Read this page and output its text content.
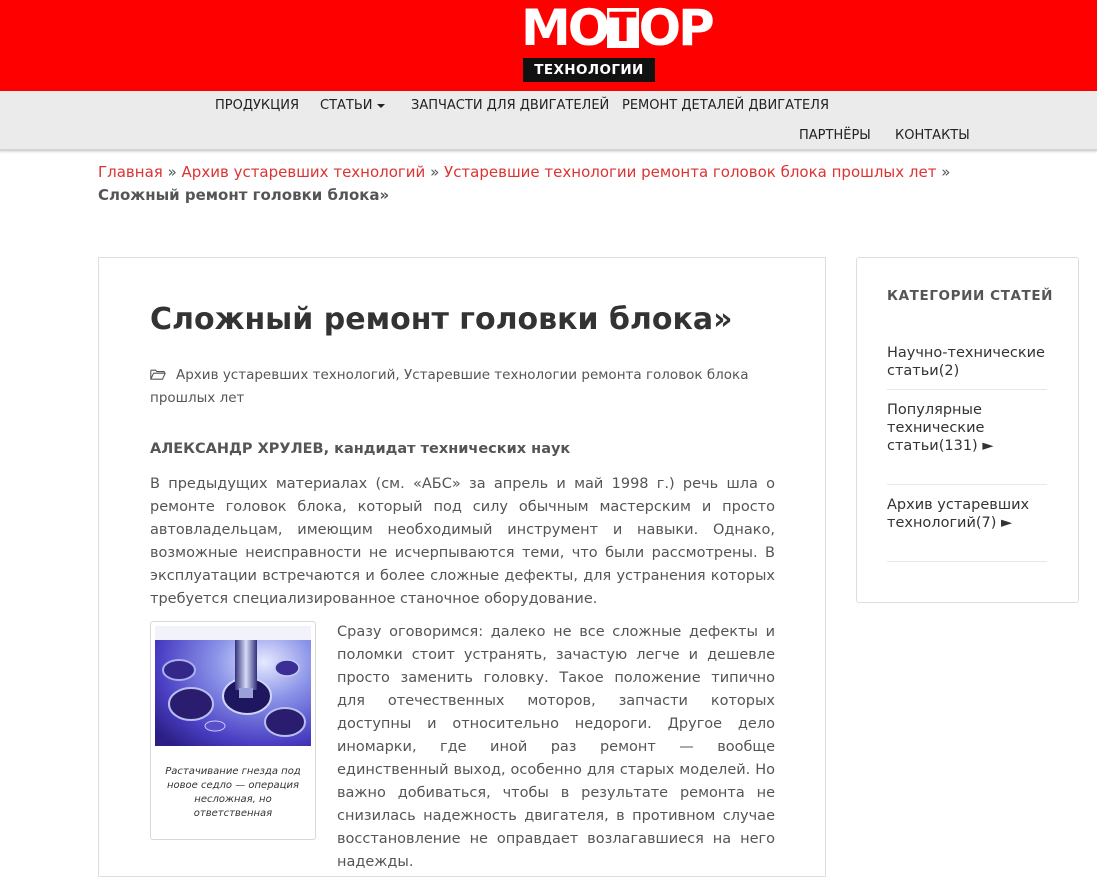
МО Т ОР
ТЕХНОЛОГИИ
ПРОДУКЦИЯ СТАТЬИ	ЗАПЧАСТИ ДЛЯ ДВИГАТЕЛЕЙ РЕМОНТ ДЕТАЛЕЙ ДВИГАТЕЛЯ
ПАРТНЁРЫ КОНТАКТЫ
Главная » Архив устаревших технологий » Устаревшие технологии ремонта головок блока прошлых лет » Сложный ремонт головки блока»
Сложный ремонт головки блока»
Архив устаревших технологий, Устаревшие технологии ремонта головок блока прошлых лет
АЛЕКСАНДР ХРУЛЕВ, кандидат технических наук

В предыдущих материалах (см. «АБС» за апрель и май 1998 г.) речь шла о ремонте головок блока, который под силу обычным мастерским и просто автовладельцам, имеющим необходимый инструмент и навыки. Однако, возможные неисправности не исчерпываются теми, что были рассмотрены. В эксплуатации встречаются и более сложные дефекты, для устранения которых требуется специализированное станочное оборудование.

Растачивание гнезда под новое седло — операция несложная, но ответственная

Сразу оговоримся: далеко не все сложные дефекты и поломки стоит устранять, зачастую легче и дешевле просто заменить головку. Такое положение типично для отечественных моторов, запчасти которых доступны и относительно недороги. Другое дело иномарки, где иной раз ремонт — вообще единственный выход, особенно для старых моделей. Но важно добиваться, чтобы в результате ремонта не снизилась надежность двигателя, в противном случае восстановление не оправдает возлагавшиеся на него надежды.

КАТЕГОРИИ СТАТЕЙ
Научно-технические статьи(2)
Популярные технические статьи(131) ►
Архив устаревших технологий(7) ►
